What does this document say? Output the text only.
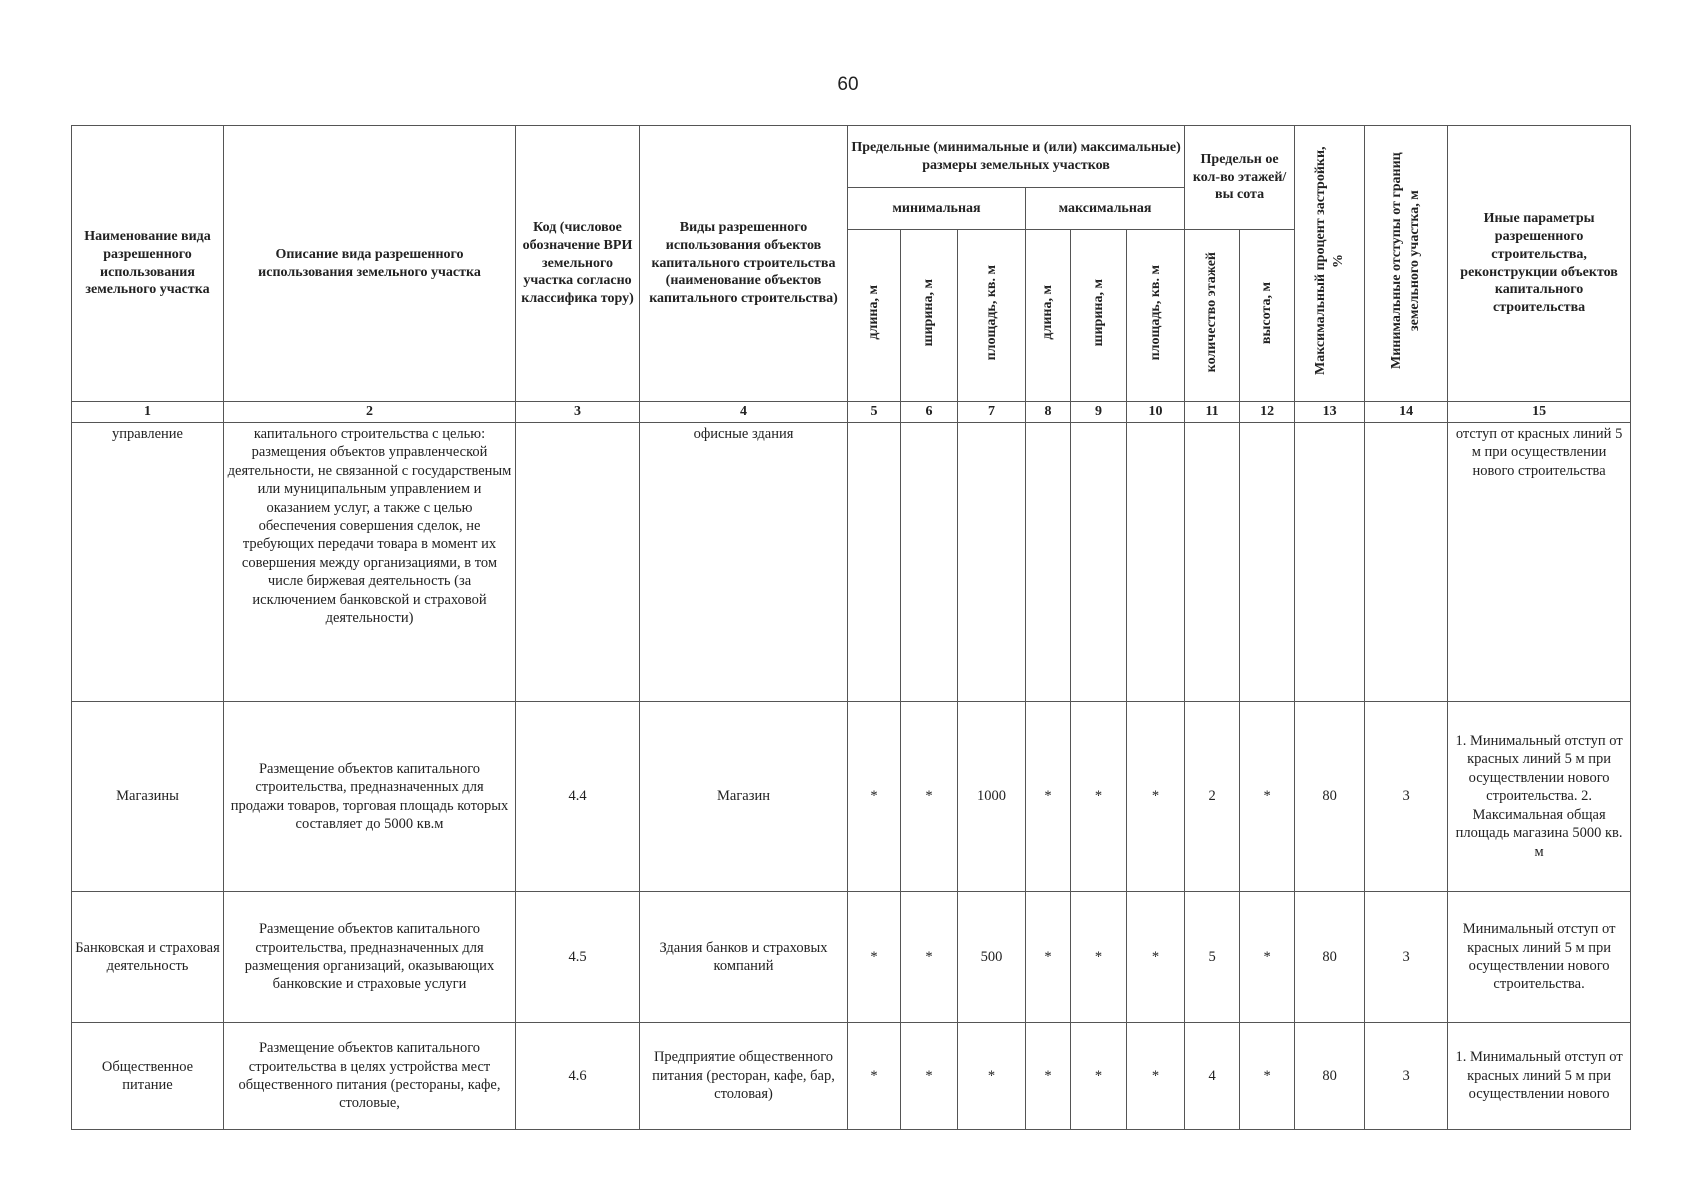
60
Наименование вида разрешенного использования земельного участка	Описание вида разрешенного использования земельного участка	Код (числовое обозначение ВРИ земельного участка согласно классифика тору)	Виды разрешенного использования объектов капитального строительства (наименование объектов капитального строительства)	Предельные (минимальные и (или) максимальные) размеры земельных участков						Предельн ое кол-во этажей/вы сота		Максимальный процент застройки, %	Минимальные отступы от границ земельного участка, м	Иные параметры разрешенного строительства, реконструкции объектов капитального строительства
				минимальная			максимальная							
				длина, м	ширина, м	площадь, кв. м	длина, м	ширина, м	площадь, кв. м	количество этажей	высота, м			
1	2	3	4	5	6	7	8	9	10	11	12	13	14	15
управление	капитального строительства с целью: размещения объектов управленческой деятельности, не связанной с государственым или муниципальным управлением и оказанием услуг, а также с целью обеспечения совершения сделок, не требующих передачи товара в момент их совершения между организациями, в том числе биржевая деятельность (за исключением банковской и страховой деятельности)		офисные здания											отступ от красных линий 5 м при осуществлении нового строительства
Магазины	Размещение объектов капитального строительства, предназначенных для продажи товаров, торговая площадь которых составляет до 5000 кв.м	4.4	Магазин	*	*	1000	*	*	*	2	*	80	3	1. Минимальный отступ от красных линий 5 м при осуществлении нового строительства. 2. Максимальная общая площадь магазина 5000 кв. м
Банковская и страховая деятельность	Размещение объектов капитального строительства, предназначенных для размещения организаций, оказывающих банковские и страховые услуги	4.5	Здания банков и страховых компаний	*	*	500	*	*	*	5	*	80	3	Минимальный отступ от красных линий 5 м при осуществлении нового строительства.
Общественное питание	Размещение объектов капитального строительства в целях устройства мест общественного питания (рестораны, кафе, столовые,	4.6	Предприятие общественного питания (ресторан, кафе, бар, столовая)	*	*	*	*	*	*	4	*	80	3	1. Минимальный отступ от красных линий 5 м при осуществлении нового
